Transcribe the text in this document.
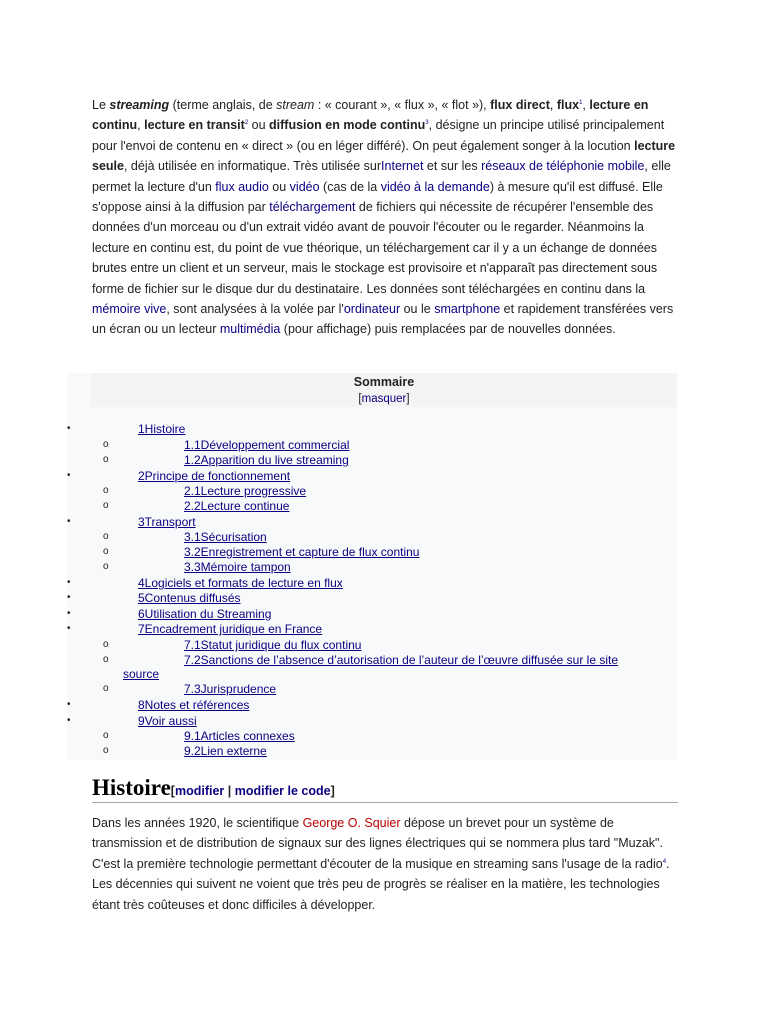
Le streaming (terme anglais, de stream : « courant », « flux », « flot »), flux direct, flux$^1$, lecture en continu, lecture en transit$^2$ ou diffusion en mode continu$^3$, désigne un principe utilisé principalement pour l'envoi de contenu en « direct » (ou en léger différé). On peut également songer à la locution lecture seule, déjà utilisée en informatique. Très utilisée surInternet et sur les réseaux de téléphonie mobile, elle permet la lecture d'un flux audio ou vidéo (cas de la vidéo à la demande) à mesure qu'il est diffusé. Elle s'oppose ainsi à la diffusion par téléchargement de fichiers qui nécessite de récupérer l'ensemble des données d'un morceau ou d'un extrait vidéo avant de pouvoir l'écouter ou le regarder. Néanmoins la lecture en continu est, du point de vue théorique, un téléchargement car il y a un échange de données brutes entre un client et un serveur, mais le stockage est provisoire et n'apparaît pas directement sous forme de fichier sur le disque dur du destinataire. Les données sont téléchargées en continu dans la mémoire vive, sont analysées à la volée par l'ordinateur ou le smartphone et rapidement transférées vers un écran ou un lecteur multimédia (pour affichage) puis remplacées par de nouvelles données.

Sommaire
[masquer]
•	1Histoire
o	1.1Développement commercial
o	1.2Apparition du live streaming
•	2Principe de fonctionnement
o	2.1Lecture progressive
o	2.2Lecture continue
•	3Transport
o	3.1Sécurisation
o	3.2Enregistrement et capture de flux continu
o	3.3Mémoire tampon
•	4Logiciels et formats de lecture en flux
•	5Contenus diffusés
•	6Utilisation du Streaming
•	7Encadrement juridique en France
o	7.1Statut juridique du flux continu
o	7.2Sanctions de l’absence d’autorisation de l’auteur de l’œuvre diffusée sur le site
source
o	7.3Jurisprudence
•	8Notes et références
•	9Voir aussi
o	9.1Articles connexes
o	9.2Lien externe
Histoire[modifier | modifier le code]

Dans les années 1920, le scientifique George O. Squier dépose un brevet pour un système de transmission et de distribution de signaux sur des lignes électriques qui se nommera plus tard "Muzak". C'est la première technologie permettant d'écouter de la musique en streaming sans l'usage de la radio$^4$. Les décennies qui suivent ne voient que très peu de progrès se réaliser en la matière, les technologies étant très coûteuses et donc difficiles à développer.
